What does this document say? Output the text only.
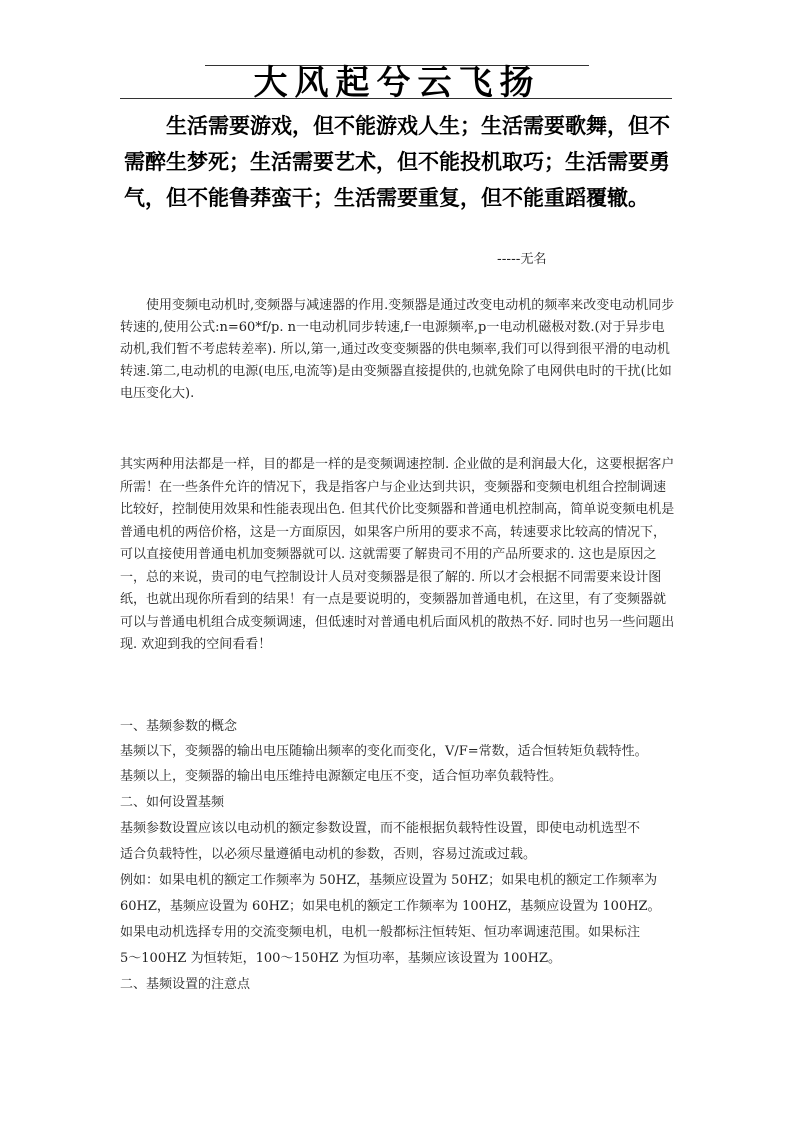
大风起兮云飞扬

生活需要游戏，但不能游戏人生；生活需要歌舞，但不需醉生梦死；生活需要艺术，但不能投机取巧；生活需要勇气，但不能鲁莽蛮干；生活需要重复，但不能重蹈覆辙。

-----无名

使用变频电动机时,变频器与减速器的作用.变频器是通过改变电动机的频率来改变电动机同步转速的,使用公式:n=60*f/p. n一电动机同步转速,f一电源频率,p一电动机磁极对数.(对于异步电动机,我们暂不考虑转差率). 所以,第一,通过改变变频器的供电频率,我们可以得到很平滑的电动机转速.第二,电动机的电源(电压,电流等)是由变频器直接提供的,也就免除了电网供电时的干扰(比如电压变化大).

其实两种用法都是一样，目的都是一样的是变频调速控制. 企业做的是利润最大化，这要根据客户所需！在一些条件允许的情况下，我是指客户与企业达到共识，变频器和变频电机组合控制调速比较好，控制使用效果和性能表现出色. 但其代价比变频器和普通电机控制高，简单说变频电机是普通电机的两倍价格，这是一方面原因，如果客户所用的要求不高，转速要求比较高的情况下，可以直接使用普通电机加变频器就可以. 这就需要了解贵司不用的产品所要求的. 这也是原因之一，总的来说，贵司的电气控制设计人员对变频器是很了解的. 所以才会根据不同需要来设计图纸，也就出现你所看到的结果！有一点是要说明的，变频器加普通电机，在这里，有了变频器就可以与普通电机组合成变频调速，但低速时对普通电机后面风机的散热不好. 同时也另一些问题出现. 欢迎到我的空间看看！

一、基频参数的概念

基频以下，变频器的输出电压随输出频率的变化而变化，V/F=常数，适合恒转矩负载特性。

基频以上，变频器的输出电压维持电源额定电压不变，适合恒功率负载特性。

二、如何设置基频

基频参数设置应该以电动机的额定参数设置，而不能根据负载特性设置，即使电动机选型不

适合负载特性，以必须尽量遵循电动机的参数，否则，容易过流或过载。

例如：如果电机的额定工作频率为 50HZ，基频应设置为 50HZ；如果电机的额定工作频率为

60HZ，基频应设置为 60HZ；如果电机的额定工作频率为 100HZ，基频应设置为 100HZ。

如果电动机选择专用的交流变频电机，电机一般都标注恒转矩、恒功率调速范围。如果标注

5～100HZ 为恒转矩，100～150HZ 为恒功率，基频应该设置为 100HZ。

二、基频设置的注意点
